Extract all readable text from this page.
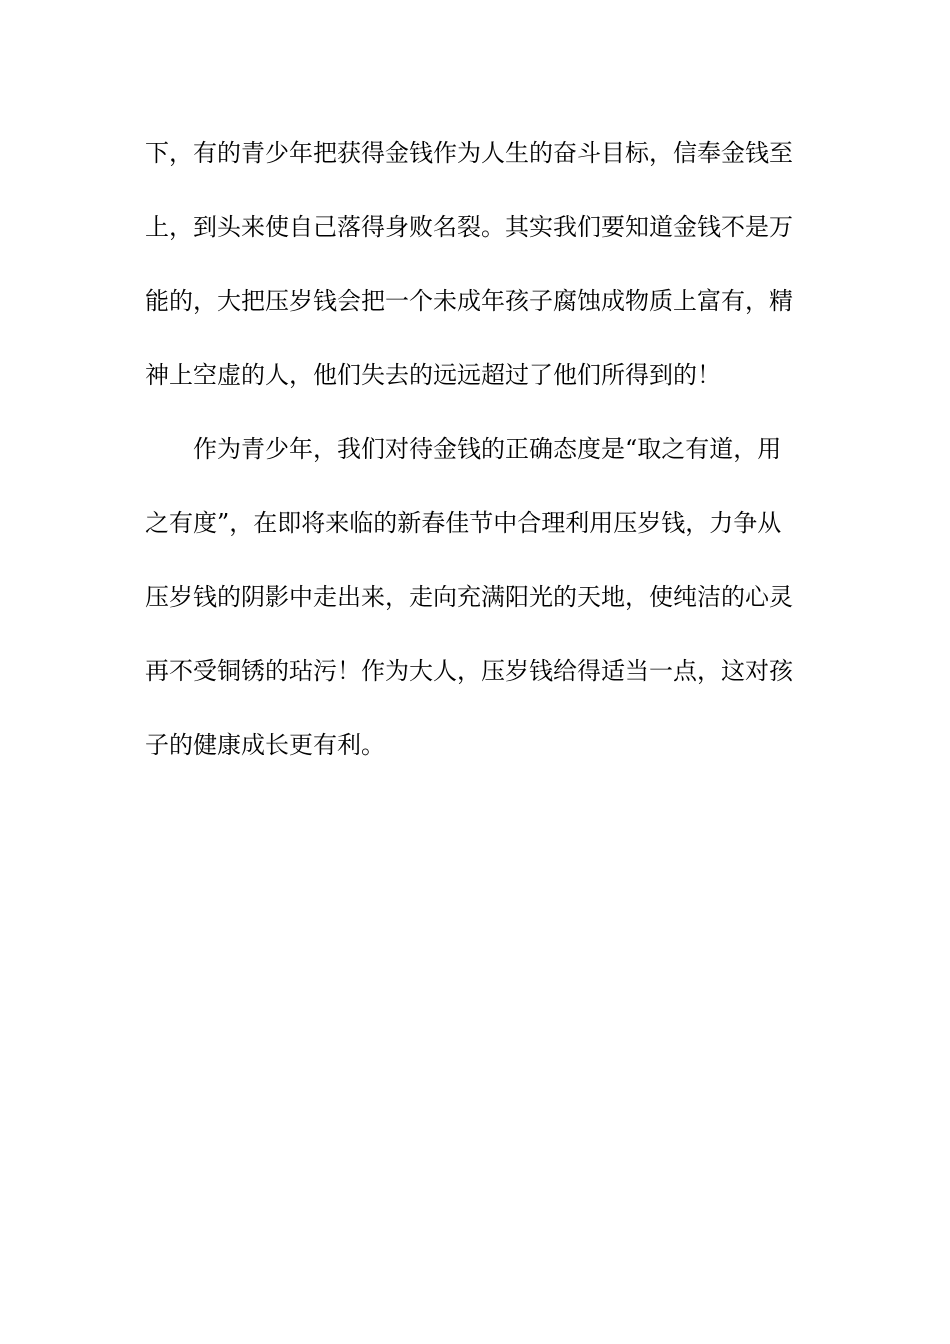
下，有的青少年把获得金钱作为人生的奋斗目标，信奉金钱至
上，到头来使自己落得身败名裂。其实我们要知道金钱不是万
能的，大把压岁钱会把一个未成年孩子腐蚀成物质上富有，精
神上空虚的人，他们失去的远远超过了他们所得到的！
作为青少年，我们对待金钱的正确态度是“取之有道，用
之有度”，在即将来临的新春佳节中合理利用压岁钱，力争从
压岁钱的阴影中走出来，走向充满阳光的天地，使纯洁的心灵
再不受铜锈的玷污！作为大人，压岁钱给得适当一点，这对孩
子的健康成长更有利。
